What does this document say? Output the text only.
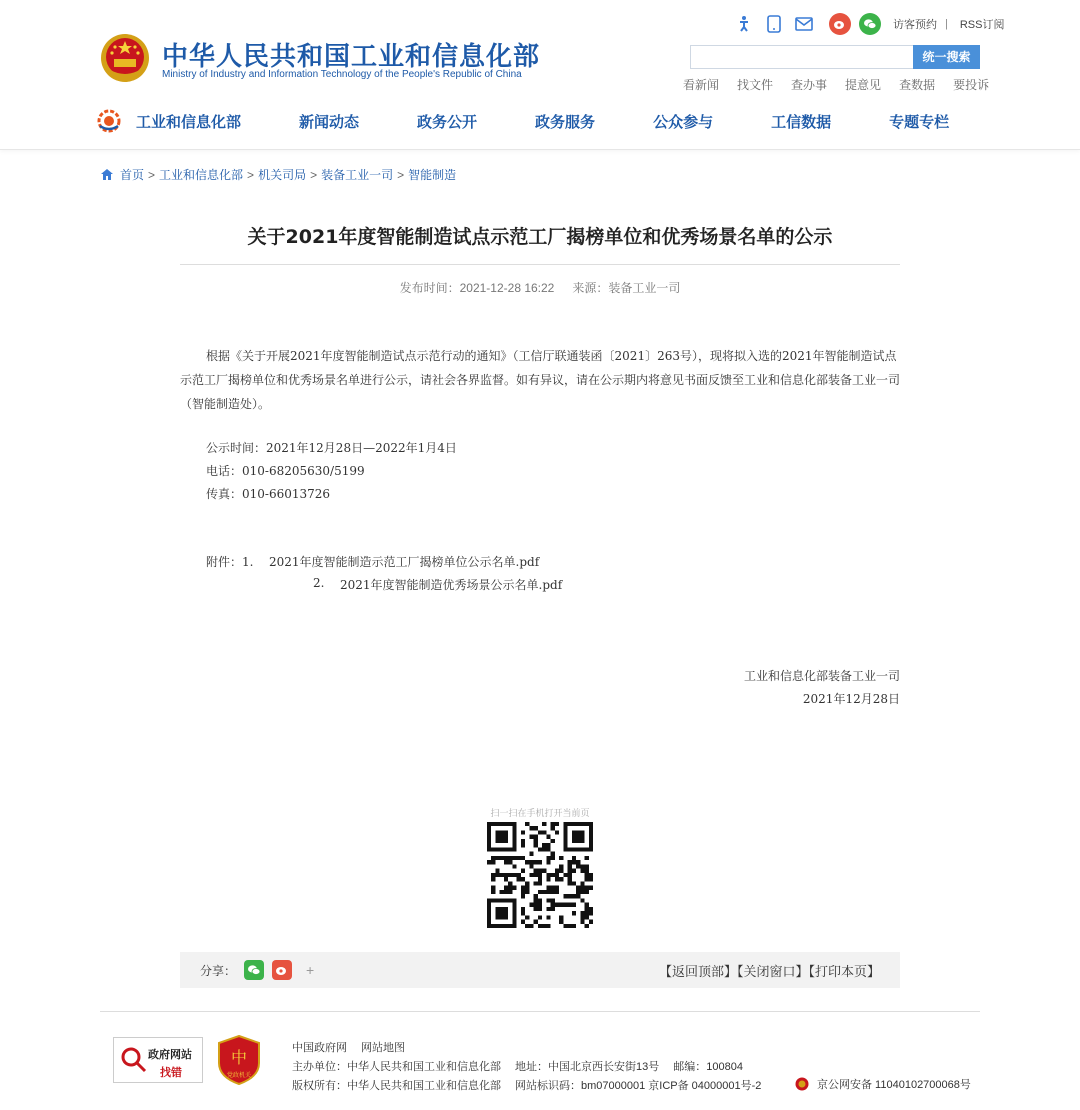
中华人民共和国工业和信息化部
Ministry of Industry and Information Technology of the People's Republic of China
访客预约 | RSS订阅
统一搜索
看新闻 找文件 查办事 提意见 查数据 要投诉
工业和信息化部	新闻动态	政务公开	政务服务	公众参与	工信数据	专题专栏
首页 > 工业和信息化部 > 机关司局 > 装备工业一司 > 智能制造
关于2021年度智能制造试点示范工厂揭榜单位和优秀场景名单的公示
发布时间：2021-12-28 16:22 来源：装备工业一司

根据《关于开展2021年度智能制造试点示范行动的通知》（工信厅联通装函〔2021〕263号），现将拟入选的2021年智能制造试点示范工厂揭榜单位和优秀场景名单进行公示，请社会各界监督。如有异议，请在公示期内将意见书面反馈至工业和信息化部装备工业一司（智能制造处）。

公示时间：2021年12月28日—2022年1月4日
电话：010-68205630/5199
传真：010-66013726
附件：1. 2021年度智能制造示范工厂揭榜单位公示名单.pdf
2. 2021年度智能制造优秀场景公示名单.pdf
工业和信息化部装备工业一司
2021年12月28日
扫一扫在手机打开当前页
分享：	+	【返回顶部】【关闭窗口】【打印本页】
政府网站
找错
中
党政机关
中国政府网 网站地图
主办单位：中华人民共和国工业和信息化部 地址：中国北京西长安街13号 邮编：100804
版权所有：中华人民共和国工业和信息化部 网站标识码：bm07000001 京ICP备 04000001号-2	京公网安备 11040102700068号
